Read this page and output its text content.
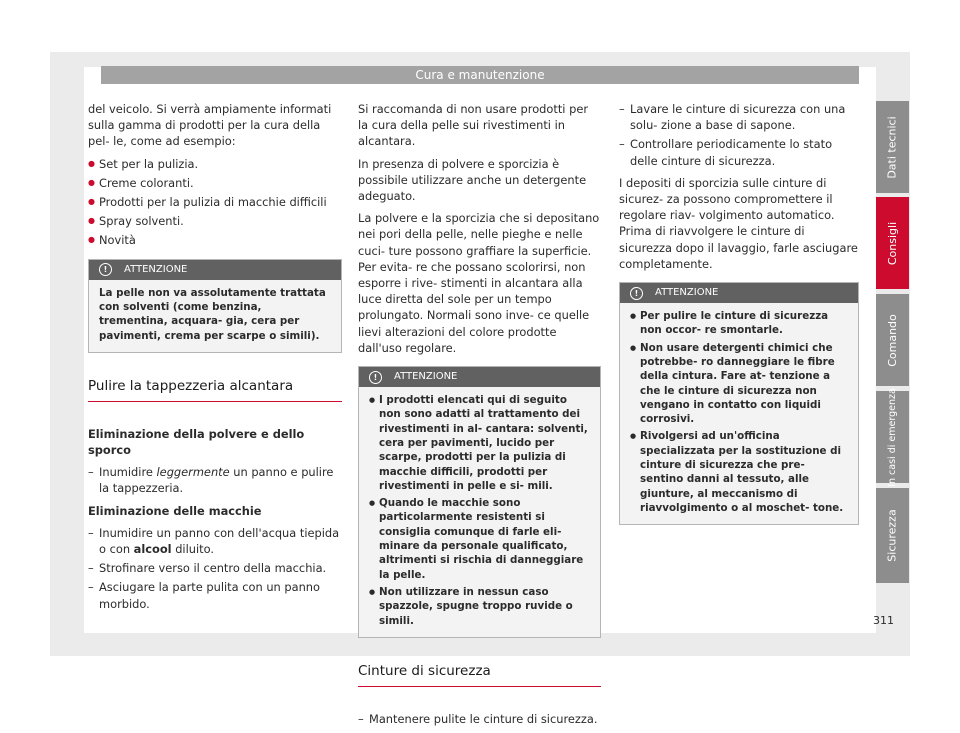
Cura e manutenzione

del veicolo. Si verrà ampiamente informati sulla gamma di prodotti per la cura della pel- le, come ad esempio:

● Set per la pulizia.
● Creme coloranti.
● Prodotti per la pulizia di macchie difficili
● Spray solventi.
● Novità
!	ATTENZIONE

La pelle non va assolutamente trattata con solventi (come benzina, trementina, acquara- gia, cera per pavimenti, crema per scarpe o simili).

Pulire la tappezzeria alcantara

Eliminazione della polvere e dello sporco

– Inumidire leggermente un panno e pulire la tappezzeria.

Eliminazione delle macchie

– Inumidire un panno con dell'acqua tiepida o con alcool diluito.
– Strofinare verso il centro della macchia.
– Asciugare la parte pulita con un panno morbido.

Si raccomanda di non usare prodotti per la cura della pelle sui rivestimenti in alcantara.

In presenza di polvere e sporcizia è possibile utilizzare anche un detergente adeguato.

La polvere e la sporcizia che si depositano nei pori della pelle, nelle pieghe e nelle cuci- ture possono graffiare la superficie. Per evita- re che possano scolorirsi, non esporre i rive- stimenti in alcantara alla luce diretta del sole per un tempo prolungato. Normali sono inve- ce quelle lievi alterazioni del colore prodotte dall'uso regolare.

!	ATTENZIONE

● I prodotti elencati qui di seguito non sono adatti al trattamento dei rivestimenti in al- cantara: solventi, cera per pavimenti, lucido per scarpe, prodotti per la pulizia di macchie difficili, prodotti per rivestimenti in pelle e si- mili.

● Quando le macchie sono particolarmente resistenti si consiglia comunque di farle eli- minare da personale qualificato, altrimenti si rischia di danneggiare la pelle.

● Non utilizzare in nessun caso spazzole, spugne troppo ruvide o simili.

Cinture di sicurezza
– Mantenere pulite le cinture di sicurezza.
– Lavare le cinture di sicurezza con una solu- zione a base di sapone.
– Controllare periodicamente lo stato delle cinture di sicurezza.

I depositi di sporcizia sulle cinture di sicurez- za possono compromettere il regolare riav- volgimento automatico. Prima di riavvolgere le cinture di sicurezza dopo il lavaggio, farle asciugare completamente.

!	ATTENZIONE

● Per pulire le cinture di sicurezza non occor- re smontarle.

● Non usare detergenti chimici che potrebbe- ro danneggiare le fibre della cintura. Fare at- tenzione a che le cinture di sicurezza non vengano in contatto con liquidi corrosivi.

● Rivolgersi ad un'officina specializzata per la sostituzione di cinture di sicurezza che pre- sentino danni al tessuto, alle giunture, al meccanismo di riavvolgimento o al moschet- tone.

Dati tecnici
Consigli
Comando
In casi di emergenza
Sicurezza
311
